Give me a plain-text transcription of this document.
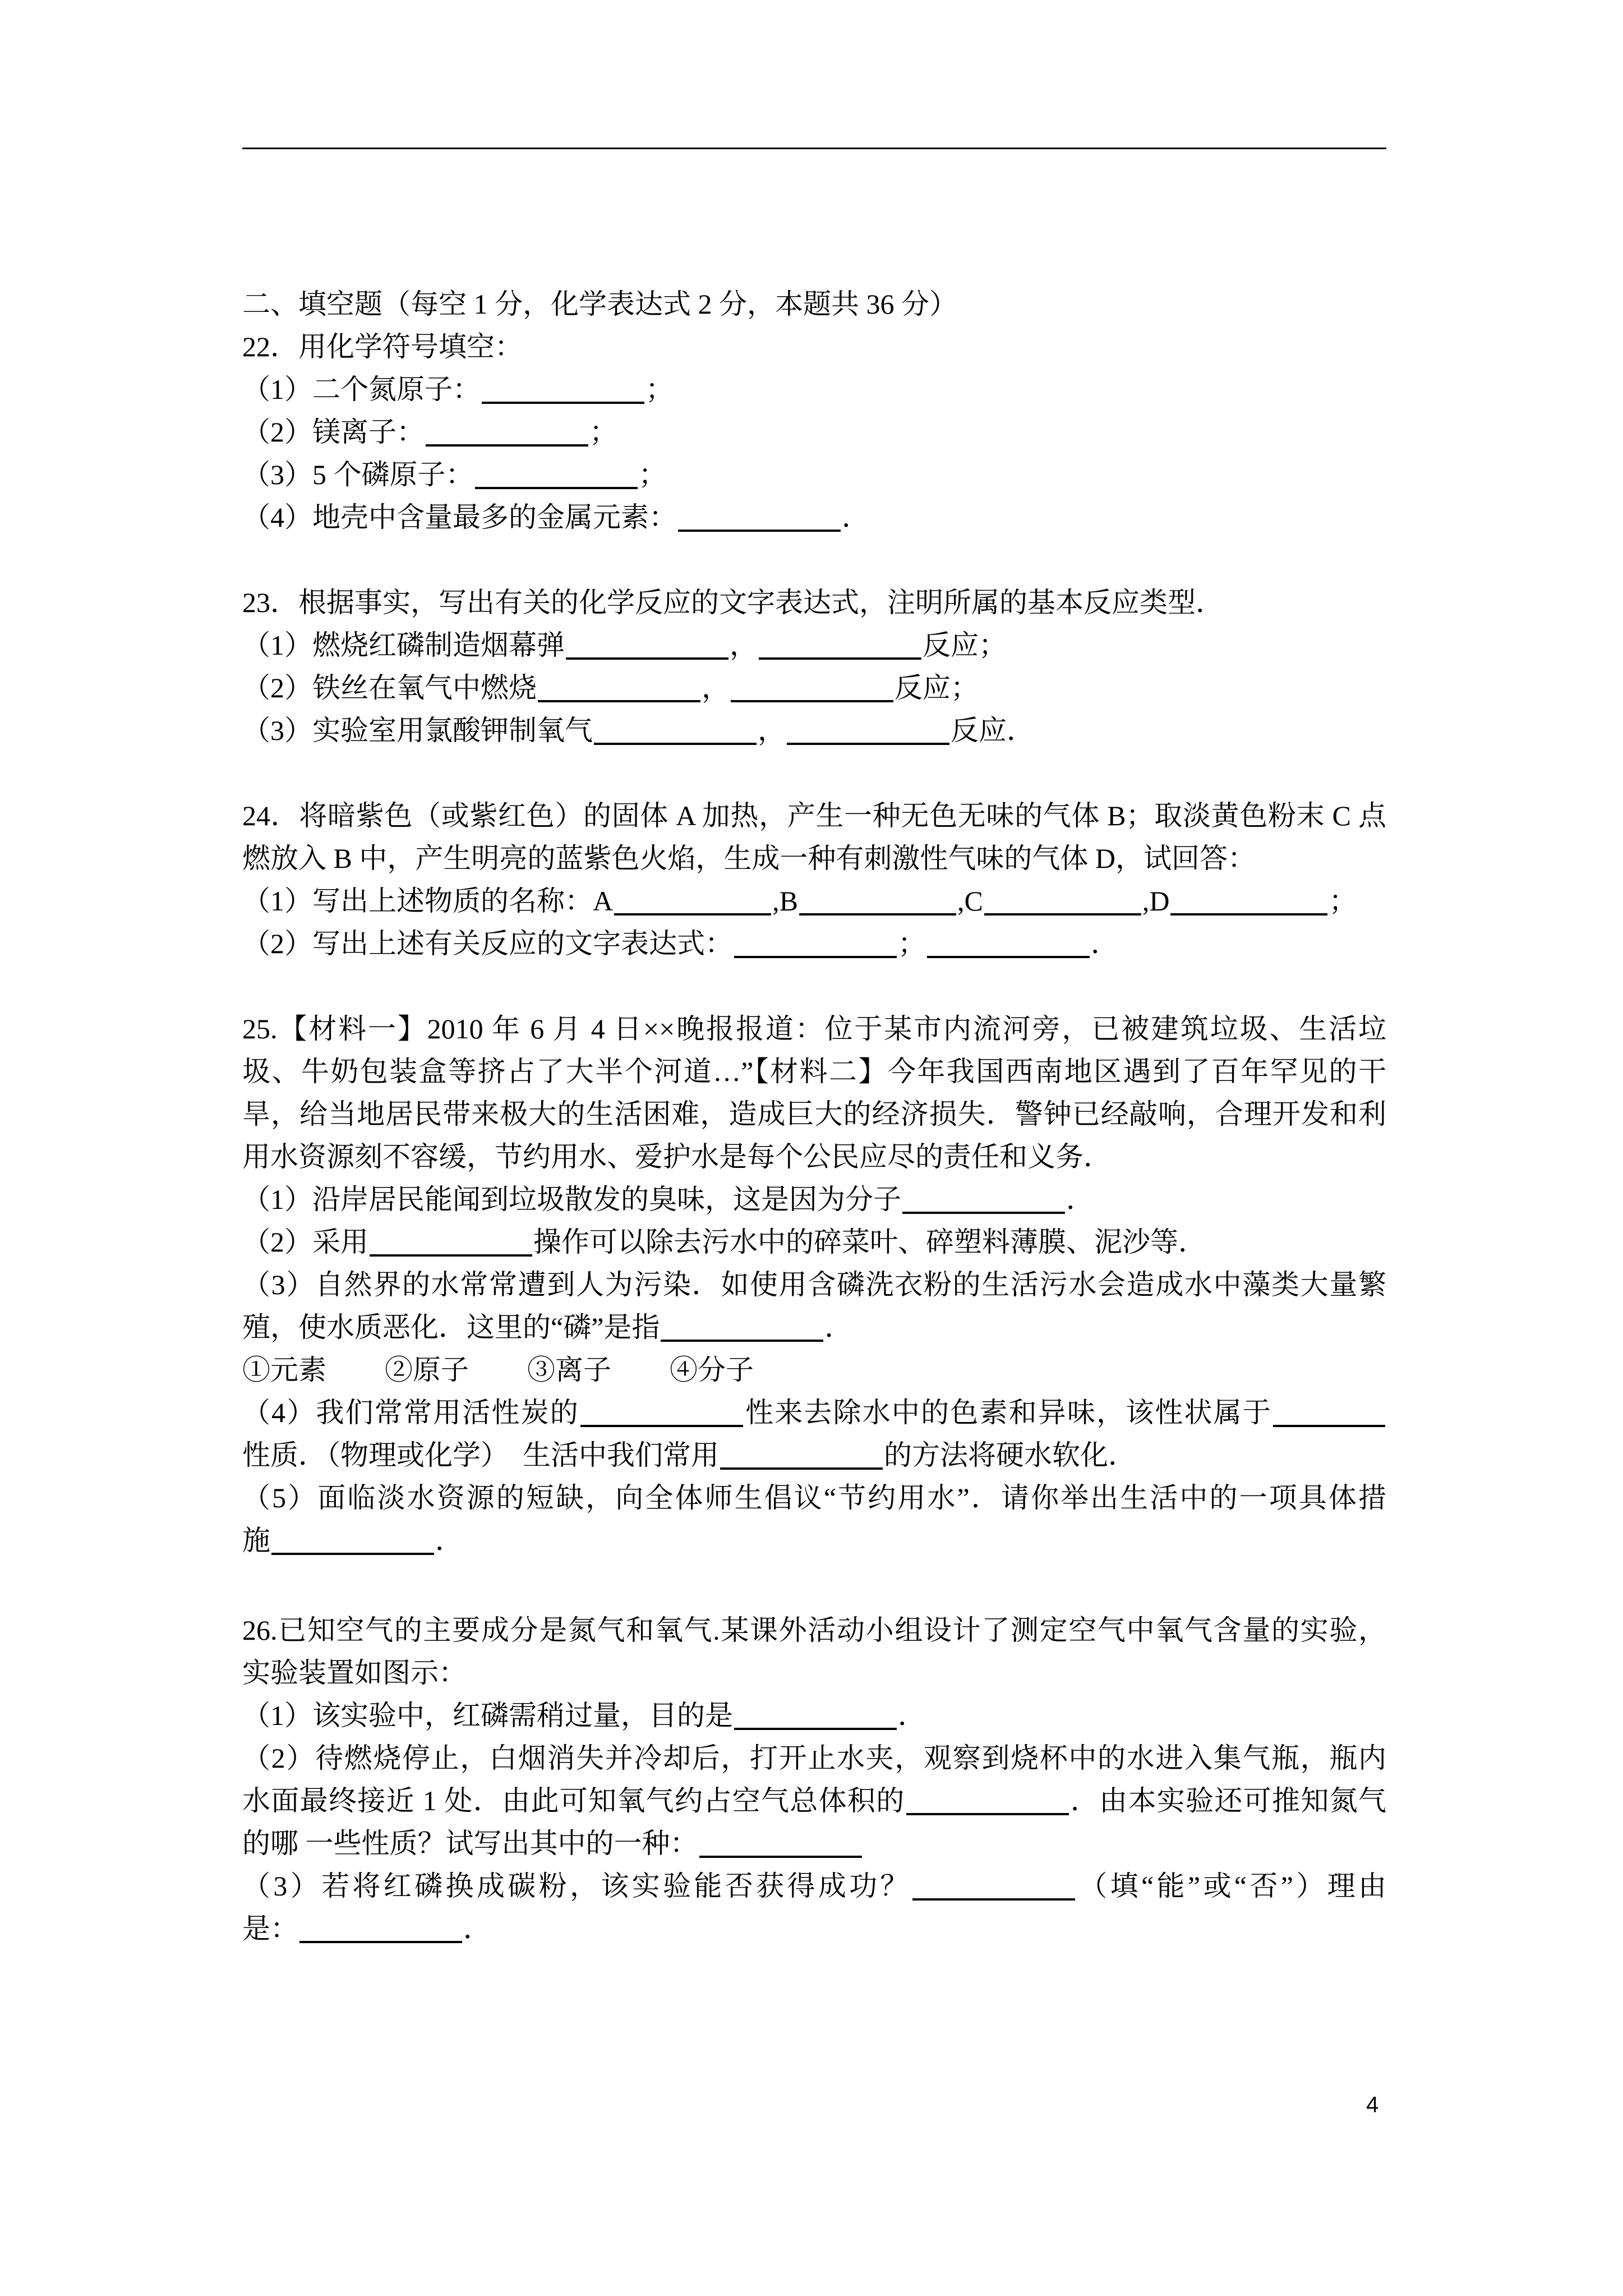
二、填空题（每空 1 分，化学表达式 2 分，本题共 36 分）
22．用化学符号填空：
（1）二个氮原子：	；
（2）镁离子：	；
（3）5 个磷原子：	；
（4）地壳中含量最多的金属元素：	．
23．根据事实，写出有关的化学反应的文字表达式，注明所属的基本反应类型．
（1）燃烧红磷制造烟幕弹	，	反应；
（2）铁丝在氧气中燃烧	，	反应；
（3）实验室用氯酸钾制氧气	，	反应．
24．将暗紫色（或紫红色）的固体 A 加热，产生一种无色无味的气体 B；取淡黄色粉末 C 点
燃放入 B 中，产生明亮的蓝紫色火焰，生成一种有刺激性气味的气体 D，试回答：
（1）写出上述物质的名称：A	,B	,C	,D	；
（2）写出上述有关反应的文字表达式：	；	．
25.【材料一】2010 年 6 月 4 日××晚报报道：位于某市内流河旁，已被建筑垃圾、生活垃
圾、牛奶包装盒等挤占了大半个河道…”【材料二】今年我国西南地区遇到了百年罕见的干
旱，给当地居民带来极大的生活困难，造成巨大的经济损失．警钟已经敲响，合理开发和利
用水资源刻不容缓，节约用水、爱护水是每个公民应尽的责任和义务．
（1）沿岸居民能闻到垃圾散发的臭味，这是因为分子	．
（2）采用	操作可以除去污水中的碎菜叶、碎塑料薄膜、泥沙等．
（3）自然界的水常常遭到人为污染．如使用含磷洗衣粉的生活污水会造成水中藻类大量繁
殖，使水质恶化．这里的“磷”是指	．
①元素 ②原子 ③离子 ④分子
（4）我们常常用活性炭的	性来去除水中的色素和异味，该性状属于
性质．（物理或化学）  生活中我们常用	的方法将硬水软化．
（5）面临淡水资源的短缺，向全体师生倡议“节约用水”．请你举出生活中的一项具体措
施	．
26.已知空气的主要成分是氮气和氧气.某课外活动小组设计了测定空气中氧气含量的实验，
实验装置如图示：
（1）该实验中，红磷需稍过量，目的是	．
（2）待燃烧停止，白烟消失并冷却后，打开止水夹，观察到烧杯中的水进入集气瓶，瓶内
水面最终接近 1 处．由此可知氧气约占空气总体积的	．由本实验还可推知氮气
的哪 一些性质？试写出其中的一种：
（3）若将红磷换成碳粉，该实验能否获得成功？	（填“能”或“否”）理由
是：	．
4
